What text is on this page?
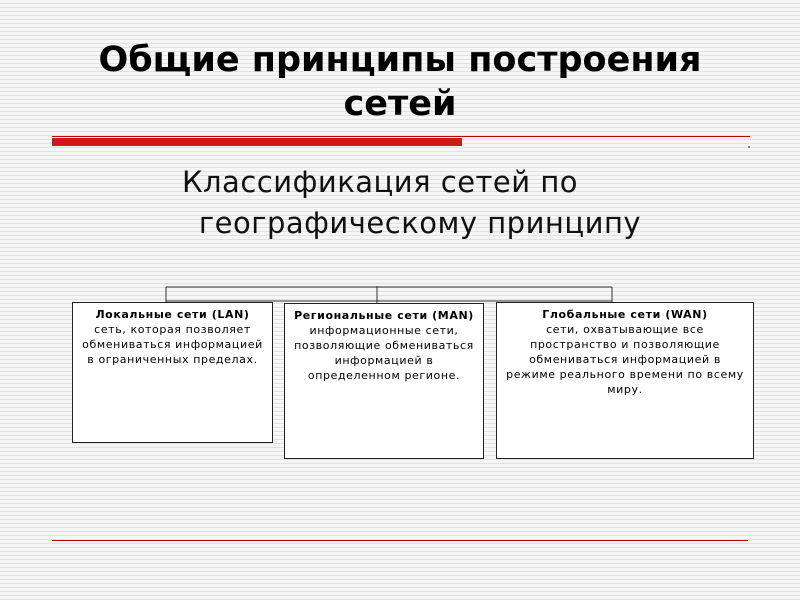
Общие принципы построения сетей

Классификация сетей по

географическому принципу

Локальные сети (LAN)
сеть, которая позволяет обмениваться информацией в ограниченных пределах.
Региональные сети (MAN)
информационные сети, позволяющие обмениваться информацией в определенном регионе.
Глобальные сети (WAN)
сети, охватывающие все пространство и позволяющие обмениваться информацией в режиме реального времени по всему миру.
